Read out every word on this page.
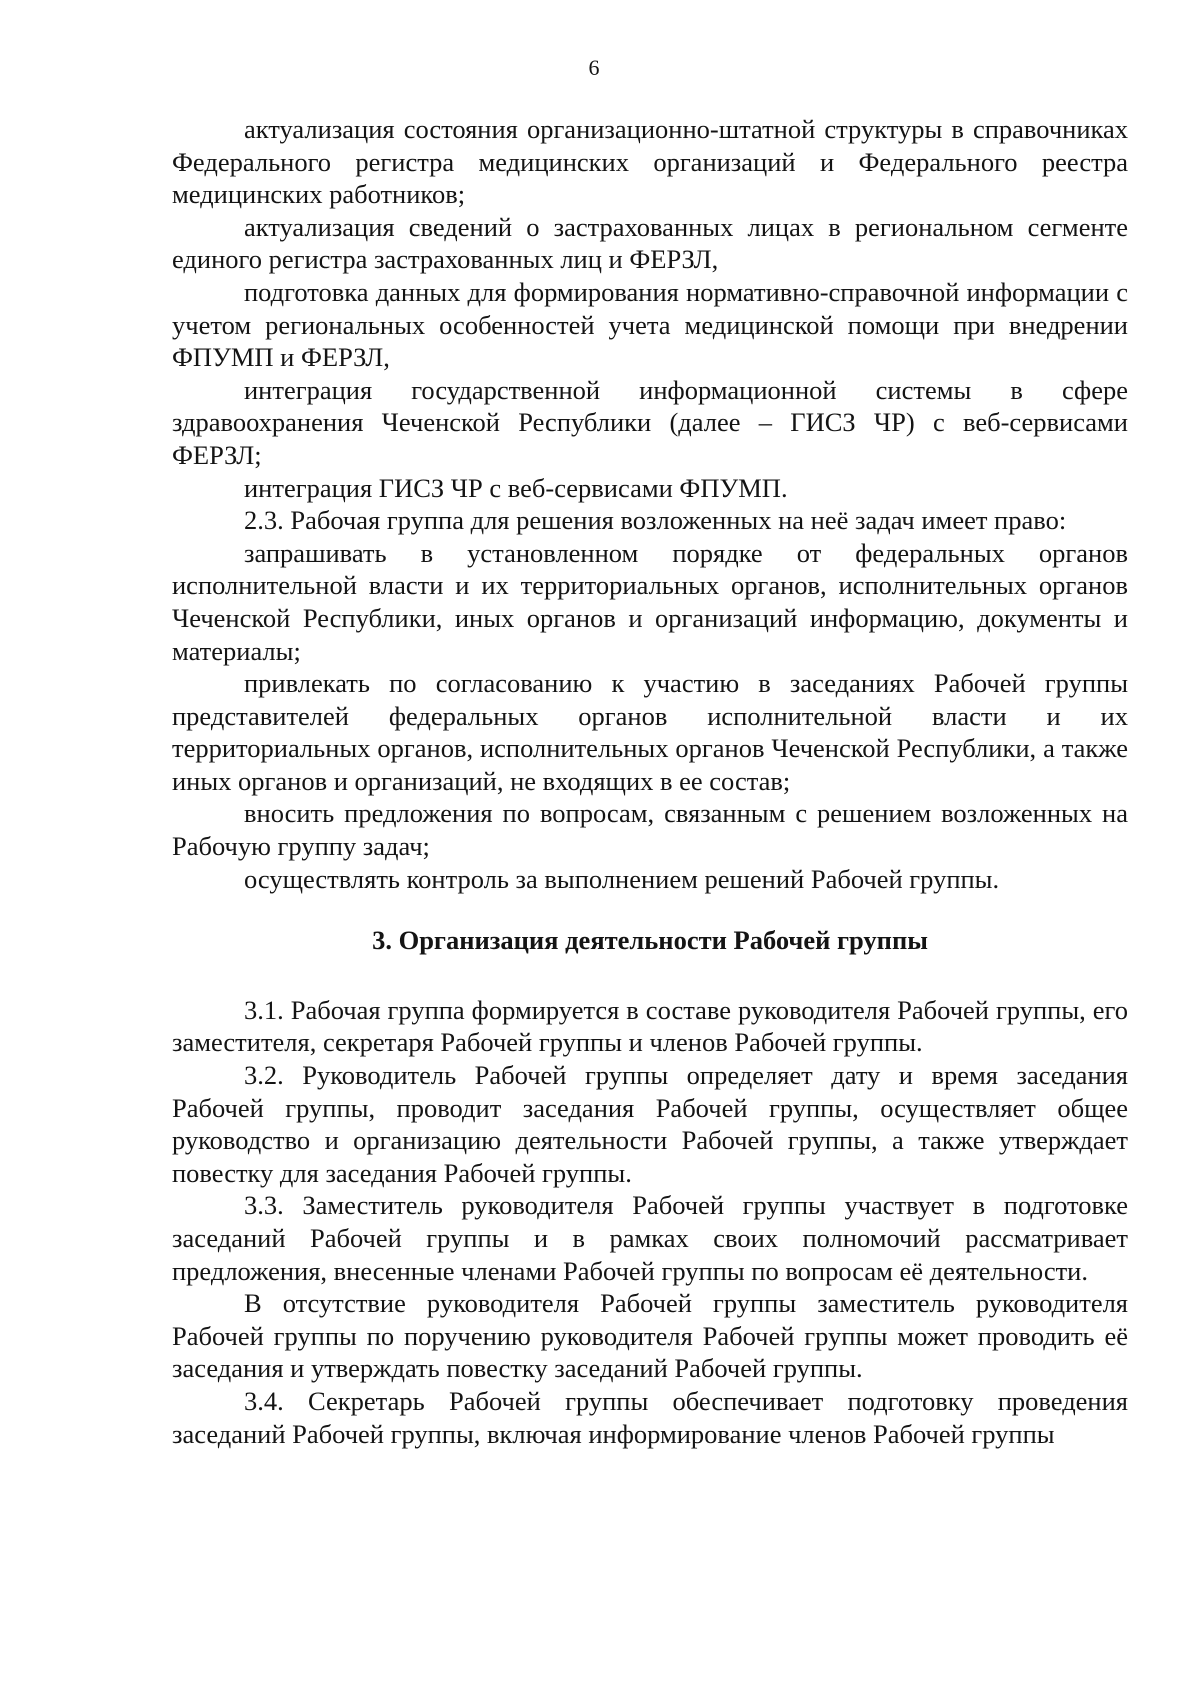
6

актуализация состояния организационно-штатной структуры в справочниках Федерального регистра медицинских организаций и Федерального реестра медицинских работников;

актуализация сведений о застрахованных лицах в региональном сегменте единого регистра застрахованных лиц и ФЕРЗЛ,

подготовка данных для формирования нормативно-справочной информации с учетом региональных особенностей учета медицинской помощи при внедрении ФПУМП и ФЕРЗЛ,

интеграция государственной информационной системы в сфере здравоохранения Чеченской Республики (далее – ГИСЗ ЧР) с веб-сервисами ФЕРЗЛ;

интеграция ГИСЗ ЧР с веб-сервисами ФПУМП.

2.3. Рабочая группа для решения возложенных на неё задач имеет право:

запрашивать в установленном порядке от федеральных органов исполнительной власти и их территориальных органов, исполнительных органов Чеченской Республики, иных органов и организаций информацию, документы и материалы;

привлекать по согласованию к участию в заседаниях Рабочей группы представителей федеральных органов исполнительной власти и их территориальных органов, исполнительных органов Чеченской Республики, а также иных органов и организаций, не входящих в ее состав;

вносить предложения по вопросам, связанным с решением возложенных на Рабочую группу задач;

осуществлять контроль за выполнением решений Рабочей группы.

3. Организация деятельности Рабочей группы

3.1. Рабочая группа формируется в составе руководителя Рабочей группы, его заместителя, секретаря Рабочей группы и членов Рабочей группы.

3.2. Руководитель Рабочей группы определяет дату и время заседания Рабочей группы, проводит заседания Рабочей группы, осуществляет общее руководство и организацию деятельности Рабочей группы, а также утверждает повестку для заседания Рабочей группы.

3.3. Заместитель руководителя Рабочей группы участвует в подготовке заседаний Рабочей группы и в рамках своих полномочий рассматривает предложения, внесенные членами Рабочей группы по вопросам её деятельности.

В отсутствие руководителя Рабочей группы заместитель руководителя Рабочей группы по поручению руководителя Рабочей группы может проводить её заседания и утверждать повестку заседаний Рабочей группы.

3.4. Секретарь Рабочей группы обеспечивает подготовку проведения заседаний Рабочей группы, включая информирование членов Рабочей группы
